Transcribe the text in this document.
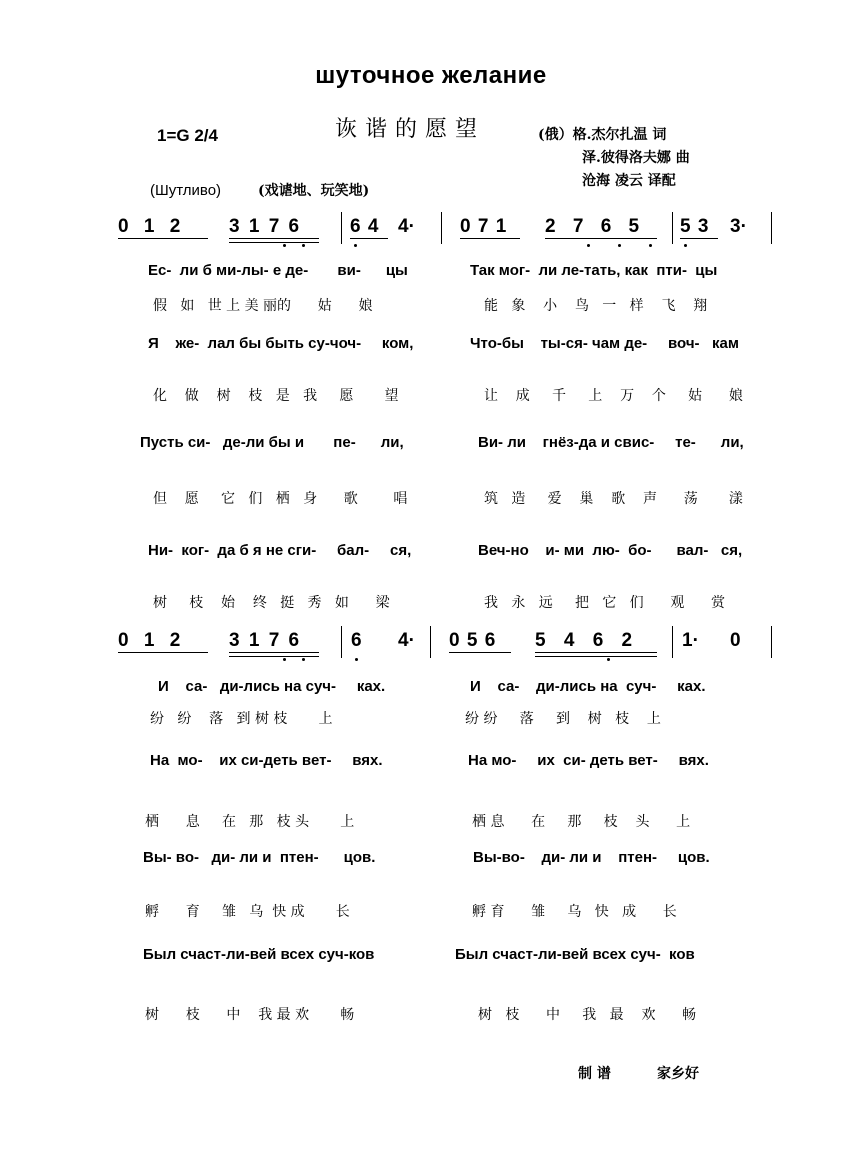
шуточное желание
诙谐的愿望
1=G 2/4	(俄）格.杰尔扎温 词
泽.彼得洛夫娜 曲
沧海 凌云 译配
(Шутливо)	(戏谑地、玩笑地)
0 1 2	3 1 7 6	6 4 4· 0 7 1 2 7 6 5 5 3 3·
Ес-  ли б ми-лы- е де-       ви-      цы	Так мог-  ли ле-тать, как  пти-  цы
假   如   世 上 美 丽的      姑      娘	能   象    小    鸟   一   样    飞    翔
Я    же-  лал бы быть су-чоч-     ком,	Что-бы    ты-ся- чам де-     воч-   кам
化    做    树    枝   是   我     愿       望	让    成     千     上    万    个     姑      娘
Пусть си-   де-ли бы и       пе-      ли,	Ви- ли    гнёз-да и свис-     те-      ли,
但    愿     它   们   栖   身      歌        唱	筑   造     爱    巢    歌    声      荡       漾
Ни-  ког-  да б я не сги-     бал-     ся,	Веч-но    и- ми  лю-  бо-      вал-   ся,
树     枝    始    终   挺   秀   如      梁	我   永   远     把   它   们      观      赏
0 1 2	3 1 7 6	6 4· 0 5 6 5 4 6 2	1· 0
И    са-   ди-лись на суч-     ках.	И    са-    ди-лись на  суч-     ках.
纷   纷    落   到 树 枝       上	纷 纷     落     到    树   枝    上
На  мо-    их си-деть вет-     вях.	На мо-     их  си- деть вет-     вях.
栖      息     在   那   枝 头       上	栖 息      在     那     枝    头      上
Вы- во-   ди- ли и  птен-      цов.	Вы-во-    ди- ли и    птен-     цов.
孵      育     雏   乌  快 成       长	孵 育      雏     乌   快   成      长
Был счаст-ли-вей всех суч-ков	Был счаст-ли-вей всех суч-  ков
树      枝      中    我 最 欢       畅	树   枝      中     我   最    欢      畅
制 谱	家乡好
